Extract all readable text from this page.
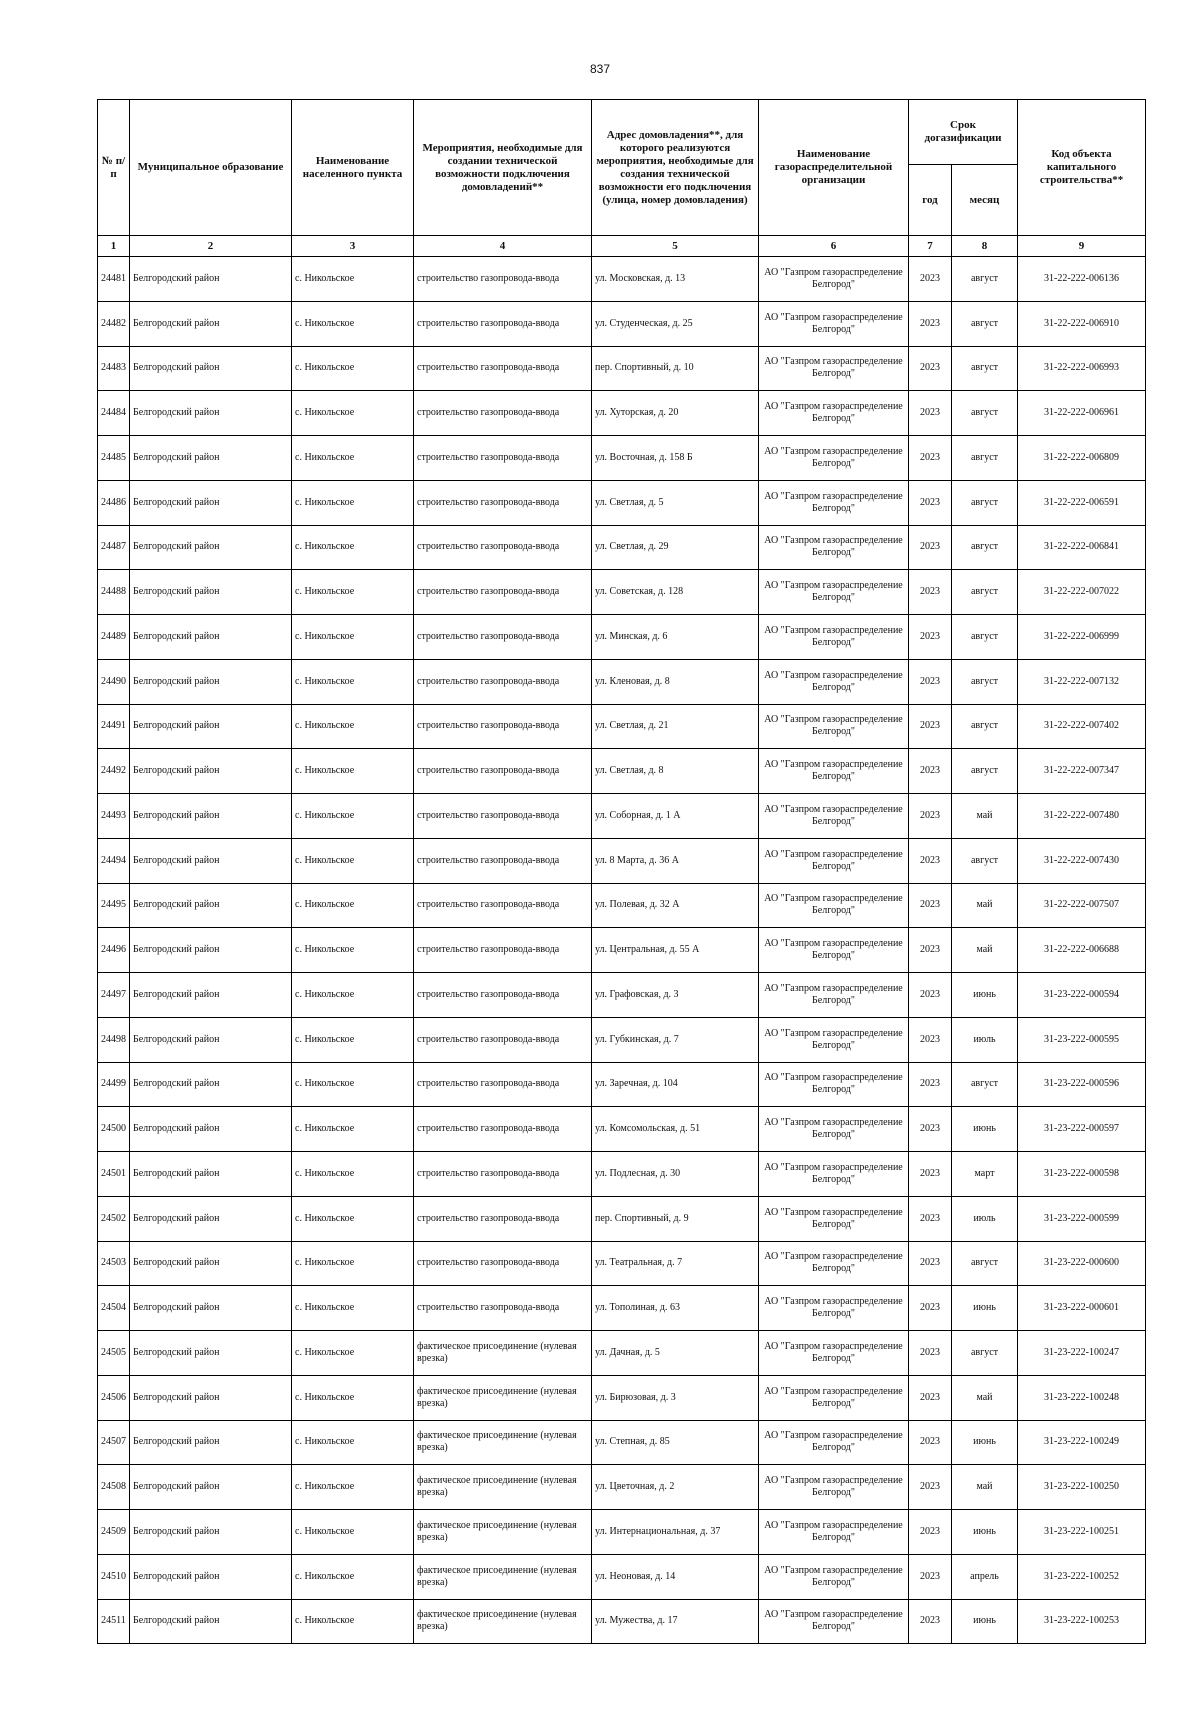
837
№ п/п	Муниципальное образование	Наименование населенного пункта	Мероприятия, необходимые для создании технической возможности подключения домовладений**	Адрес домовладения**, для которого реализуются мероприятия, необходимые для создания технической возможности его подключения (улица, номер домовладения)	Наименование газораспределительной организации	Срок догазификации		Код объекта капитального строительства**
						год	месяц	
1	2	3	4	5	6	7	8	9
24481	Белгородский район	с. Никольское	строительство газопровода-ввода	ул. Московская, д. 13	АО "Газпром газораспределение Белгород"	2023	август	31-22-222-006136
24482	Белгородский район	с. Никольское	строительство газопровода-ввода	ул. Студенческая, д. 25	АО "Газпром газораспределение Белгород"	2023	август	31-22-222-006910
24483	Белгородский район	с. Никольское	строительство газопровода-ввода	пер. Спортивный, д. 10	АО "Газпром газораспределение Белгород"	2023	август	31-22-222-006993
24484	Белгородский район	с. Никольское	строительство газопровода-ввода	ул. Хуторская, д. 20	АО "Газпром газораспределение Белгород"	2023	август	31-22-222-006961
24485	Белгородский район	с. Никольское	строительство газопровода-ввода	ул. Восточная, д. 158 Б	АО "Газпром газораспределение Белгород"	2023	август	31-22-222-006809
24486	Белгородский район	с. Никольское	строительство газопровода-ввода	ул. Светлая, д. 5	АО "Газпром газораспределение Белгород"	2023	август	31-22-222-006591
24487	Белгородский район	с. Никольское	строительство газопровода-ввода	ул. Светлая, д. 29	АО "Газпром газораспределение Белгород"	2023	август	31-22-222-006841
24488	Белгородский район	с. Никольское	строительство газопровода-ввода	ул. Советская, д. 128	АО "Газпром газораспределение Белгород"	2023	август	31-22-222-007022
24489	Белгородский район	с. Никольское	строительство газопровода-ввода	ул. Минская, д. 6	АО "Газпром газораспределение Белгород"	2023	август	31-22-222-006999
24490	Белгородский район	с. Никольское	строительство газопровода-ввода	ул. Кленовая, д. 8	АО "Газпром газораспределение Белгород"	2023	август	31-22-222-007132
24491	Белгородский район	с. Никольское	строительство газопровода-ввода	ул. Светлая, д. 21	АО "Газпром газораспределение Белгород"	2023	август	31-22-222-007402
24492	Белгородский район	с. Никольское	строительство газопровода-ввода	ул. Светлая, д. 8	АО "Газпром газораспределение Белгород"	2023	август	31-22-222-007347
24493	Белгородский район	с. Никольское	строительство газопровода-ввода	ул. Соборная, д. 1 А	АО "Газпром газораспределение Белгород"	2023	май	31-22-222-007480
24494	Белгородский район	с. Никольское	строительство газопровода-ввода	ул. 8 Марта, д. 36 А	АО "Газпром газораспределение Белгород"	2023	август	31-22-222-007430
24495	Белгородский район	с. Никольское	строительство газопровода-ввода	ул. Полевая, д. 32 А	АО "Газпром газораспределение Белгород"	2023	май	31-22-222-007507
24496	Белгородский район	с. Никольское	строительство газопровода-ввода	ул. Центральная, д. 55 А	АО "Газпром газораспределение Белгород"	2023	май	31-22-222-006688
24497	Белгородский район	с. Никольское	строительство газопровода-ввода	ул. Графовская, д. 3	АО "Газпром газораспределение Белгород"	2023	июнь	31-23-222-000594
24498	Белгородский район	с. Никольское	строительство газопровода-ввода	ул. Губкинская, д. 7	АО "Газпром газораспределение Белгород"	2023	июль	31-23-222-000595
24499	Белгородский район	с. Никольское	строительство газопровода-ввода	ул. Заречная, д. 104	АО "Газпром газораспределение Белгород"	2023	август	31-23-222-000596
24500	Белгородский район	с. Никольское	строительство газопровода-ввода	ул. Комсомольская, д. 51	АО "Газпром газораспределение Белгород"	2023	июнь	31-23-222-000597
24501	Белгородский район	с. Никольское	строительство газопровода-ввода	ул. Подлесная, д. 30	АО "Газпром газораспределение Белгород"	2023	март	31-23-222-000598
24502	Белгородский район	с. Никольское	строительство газопровода-ввода	пер. Спортивный, д. 9	АО "Газпром газораспределение Белгород"	2023	июль	31-23-222-000599
24503	Белгородский район	с. Никольское	строительство газопровода-ввода	ул. Театральная, д. 7	АО "Газпром газораспределение Белгород"	2023	август	31-23-222-000600
24504	Белгородский район	с. Никольское	строительство газопровода-ввода	ул. Тополиная, д. 63	АО "Газпром газораспределение Белгород"	2023	июнь	31-23-222-000601
24505	Белгородский район	с. Никольское	фактическое присоединение (нулевая врезка)	ул. Дачная, д. 5	АО "Газпром газораспределение Белгород"	2023	август	31-23-222-100247
24506	Белгородский район	с. Никольское	фактическое присоединение (нулевая врезка)	ул. Бирюзовая, д. 3	АО "Газпром газораспределение Белгород"	2023	май	31-23-222-100248
24507	Белгородский район	с. Никольское	фактическое присоединение (нулевая врезка)	ул. Степная, д. 85	АО "Газпром газораспределение Белгород"	2023	июнь	31-23-222-100249
24508	Белгородский район	с. Никольское	фактическое присоединение (нулевая врезка)	ул. Цветочная, д. 2	АО "Газпром газораспределение Белгород"	2023	май	31-23-222-100250
24509	Белгородский район	с. Никольское	фактическое присоединение (нулевая врезка)	ул. Интернациональная, д. 37	АО "Газпром газораспределение Белгород"	2023	июнь	31-23-222-100251
24510	Белгородский район	с. Никольское	фактическое присоединение (нулевая врезка)	ул. Неоновая, д. 14	АО "Газпром газораспределение Белгород"	2023	апрель	31-23-222-100252
24511	Белгородский район	с. Никольское	фактическое присоединение (нулевая врезка)	ул. Мужества, д. 17	АО "Газпром газораспределение Белгород"	2023	июнь	31-23-222-100253
